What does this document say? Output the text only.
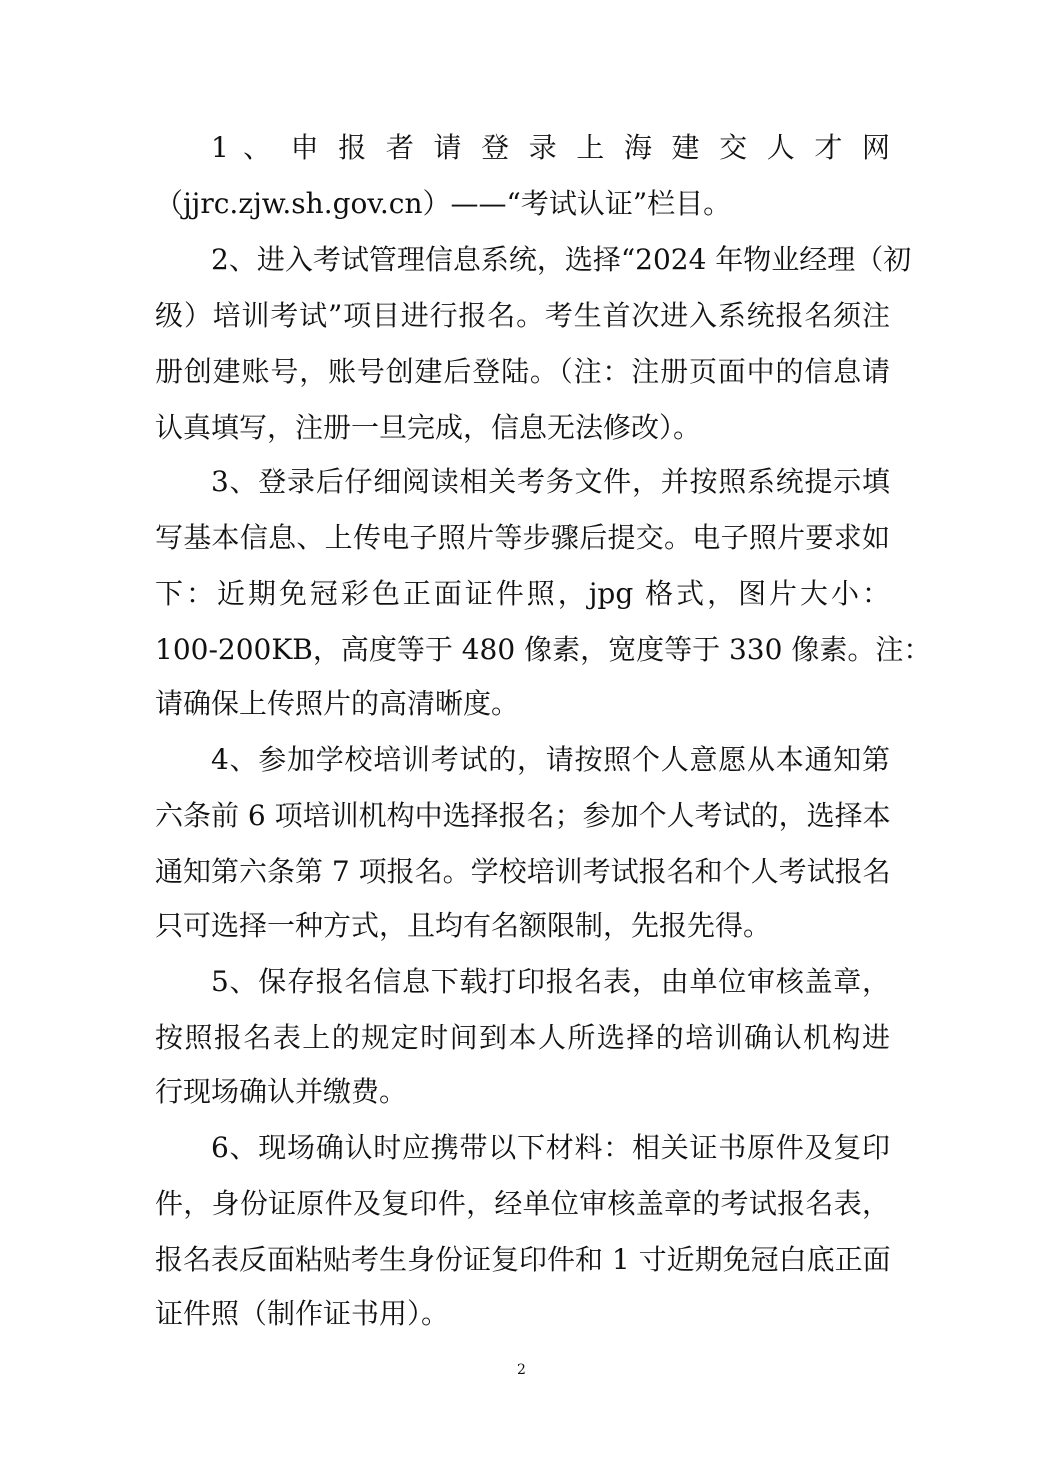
1 、 申 报 者 请 登 录 上 海 建 交 人 才 网
（jjrc.zjw.sh.gov.cn）——“考试认证”栏目。
2、进入考试管理信息系统，选择“2024 年物业经理（初
级）培训考试”项目进行报名。考生首次进入系统报名须注
册创建账号，账号创建后登陆。（注：注册页面中的信息请
认真填写，注册一旦完成，信息无法修改）。
3、登录后仔细阅读相关考务文件，并按照系统提示填
写基本信息、上传电子照片等步骤后提交。电子照片要求如
下：近期免冠彩色正面证件照，jpg 格式，图片大小：
100-200KB，高度等于 480 像素，宽度等于 330 像素。注：
请确保上传照片的高清晰度。
4、参加学校培训考试的，请按照个人意愿从本通知第
六条前 6 项培训机构中选择报名；参加个人考试的，选择本
通知第六条第 7 项报名。学校培训考试报名和个人考试报名
只可选择一种方式，且均有名额限制，先报先得。
5、保存报名信息下载打印报名表，由单位审核盖章，
按照报名表上的规定时间到本人所选择的培训确认机构进
行现场确认并缴费。
6、现场确认时应携带以下材料：相关证书原件及复印
件，身份证原件及复印件，经单位审核盖章的考试报名表，
报名表反面粘贴考生身份证复印件和 1 寸近期免冠白底正面
证件照（制作证书用）。
2
